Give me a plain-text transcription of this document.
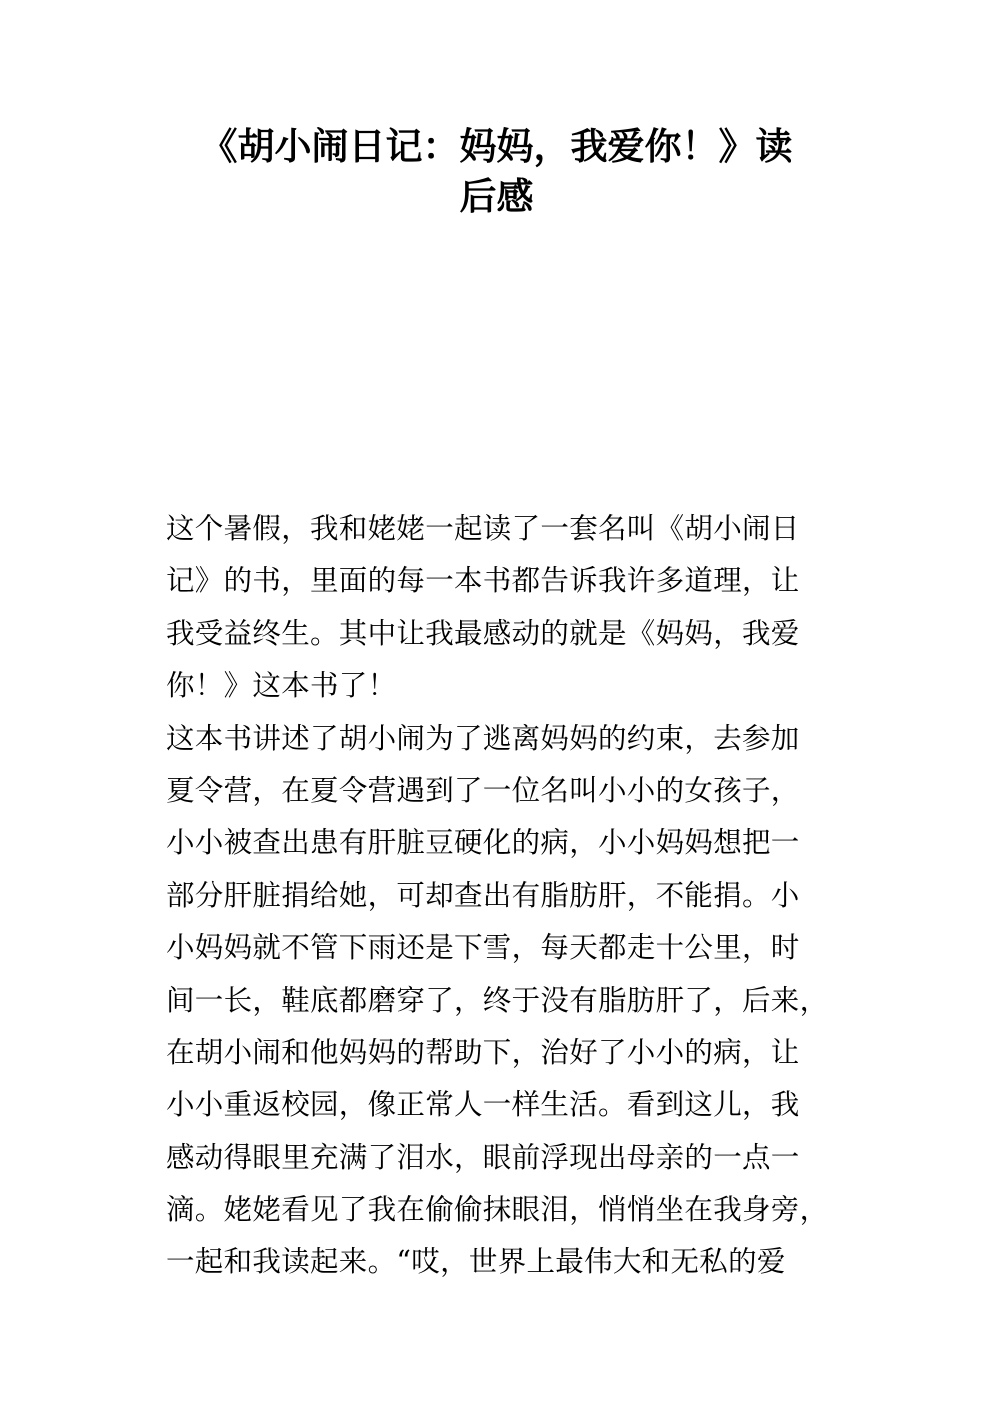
《胡小闹日记：妈妈，我爱你！》读
后感
这个暑假，我和姥姥一起读了一套名叫《胡小闹日
记》的书，里面的每一本书都告诉我许多道理，让
我受益终生。其中让我最感动的就是《妈妈，我爱
你！》这本书了！
这本书讲述了胡小闹为了逃离妈妈的约束，去参加
夏令营，在夏令营遇到了一位名叫小小的女孩子，
小小被查出患有肝脏豆硬化的病，小小妈妈想把一
部分肝脏捐给她，可却查出有脂肪肝，不能捐。小
小妈妈就不管下雨还是下雪，每天都走十公里，时
间一长，鞋底都磨穿了，终于没有脂肪肝了，后来，
在胡小闹和他妈妈的帮助下，治好了小小的病，让
小小重返校园，像正常人一样生活。看到这儿，我
感动得眼里充满了泪水，眼前浮现出母亲的一点一
滴。姥姥看见了我在偷偷抹眼泪，悄悄坐在我身旁，
一起和我读起来。“哎，世界上最伟大和无私的爱
